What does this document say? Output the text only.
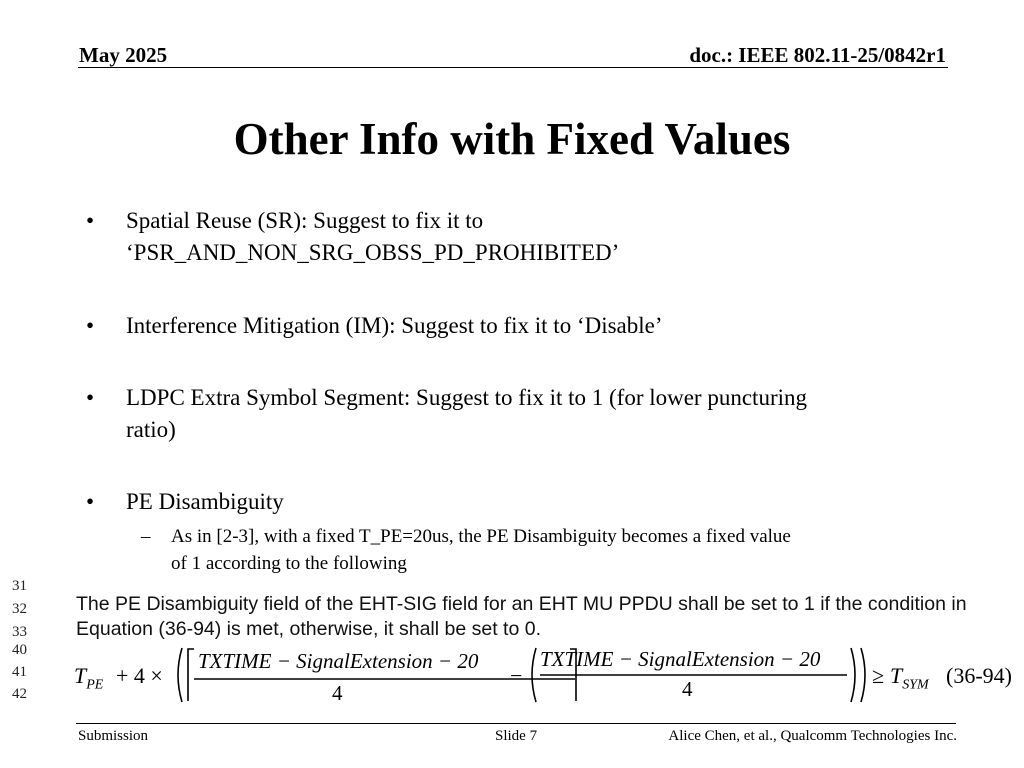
May 2025	doc.: IEEE 802.11-25/0842r1
Other Info with Fixed Values
• Spatial Reuse (SR): Suggest to fix it to
‘PSR_AND_NON_SRG_OBSS_PD_PROHIBITED’
• Interference Mitigation (IM): Suggest to fix it to ‘Disable’
• LDPC Extra Symbol Segment: Suggest to fix it to 1 (for lower puncturing
ratio)
• PE Disambiguity
– As in [2-3], with a fixed T_PE=20us, the PE Disambiguity becomes a fixed value
of 1 according to the following
31
32
33
40
41
42
The PE Disambiguity field of the EHT-SIG field for an EHT MU PPDU shall be set to 1 if the condition in
Equation (36-94) is met, otherwise, it shall be set to 0.
$T_{PE} + 4$ ×
TXTIME − SignalExtension − 20
4
−
TXTIME − SignalExtension − 20
4
≥ $T_{SYM}$ (36-94)
Submission	Slide 7	Alice Chen, et al., Qualcomm Technologies Inc.
